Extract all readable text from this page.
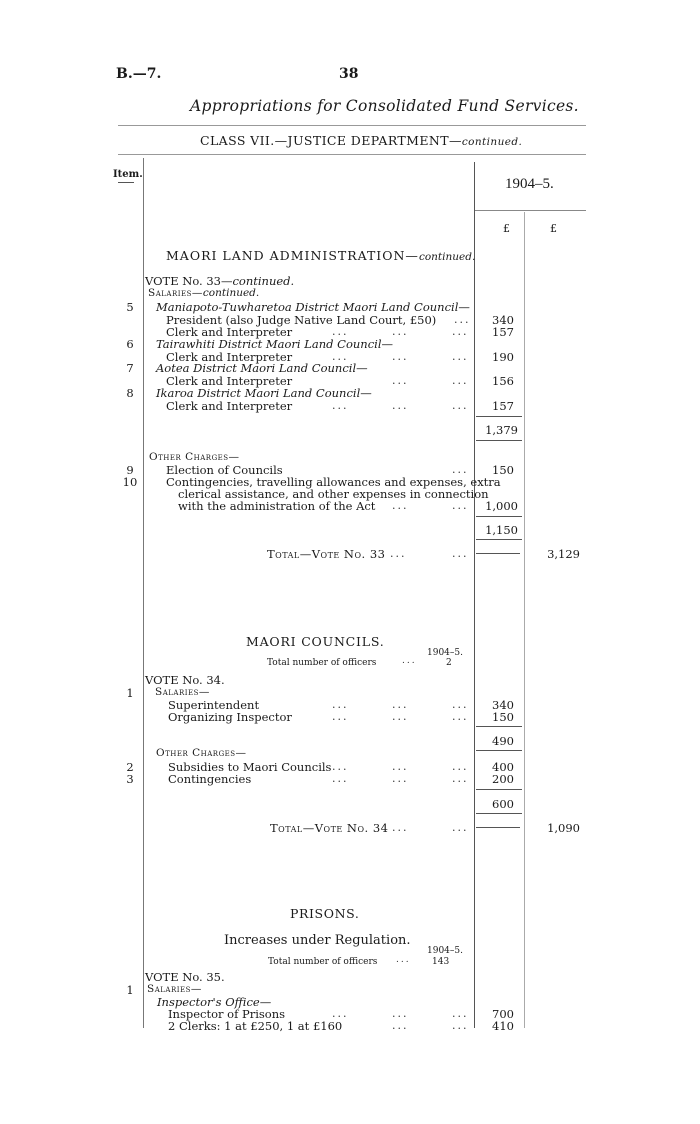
B.—7.	38
Appropriations for Consolidated Fund Services.
CLASS VII.—JUSTICE DEPARTMENT—continued.
Item.
1904–5.
£	£
MAORI LAND ADMINISTRATION—continued.
VOTE No. 33—continued.
Salaries—continued.
5	Maniapoto-Tuwharetoa District Maori Land Council—
President (also Judge Native Land Court, £50) ...	340
Clerk and Interpreter	...	...	...	157
6	Tairawhiti District Maori Land Council—
Clerk and Interpreter	...	...	...	190
7	Aotea District Maori Land Council—
Clerk and Interpreter	...	...	156
8	Ikaroa District Maori Land Council—
Clerk and Interpreter	...	...	...	157
1,379
Other Charges—
9	Election of Councils	...	150
10 Contingencies, travelling allowances and expenses, extra
clerical assistance, and other expenses in connection
with the administration of the Act ...	...	1,000
1,150
Total—Vote No. 33 ...	...	3,129
MAORI COUNCILS.
1904–5.
Total number of officers	...	2
VOTE No. 34.
1	Salaries—
Superintendent	...	...	...	340
Organizing Inspector	...	...	...	150
490
Other Charges—
2	Subsidies to Maori Councils ...	...	...	400
3	Contingencies	...	...	...	200
600
Total—Vote No. 34 ...	...	1,090
PRISONS.
Increases under Regulation.
1904–5.
Total number of officers ... 143
VOTE No. 35.
1	Salaries—
Inspector's Office—
Inspector of Prisons	...	...	...	700
2 Clerks: 1 at £250, 1 at £160	...	...	410
